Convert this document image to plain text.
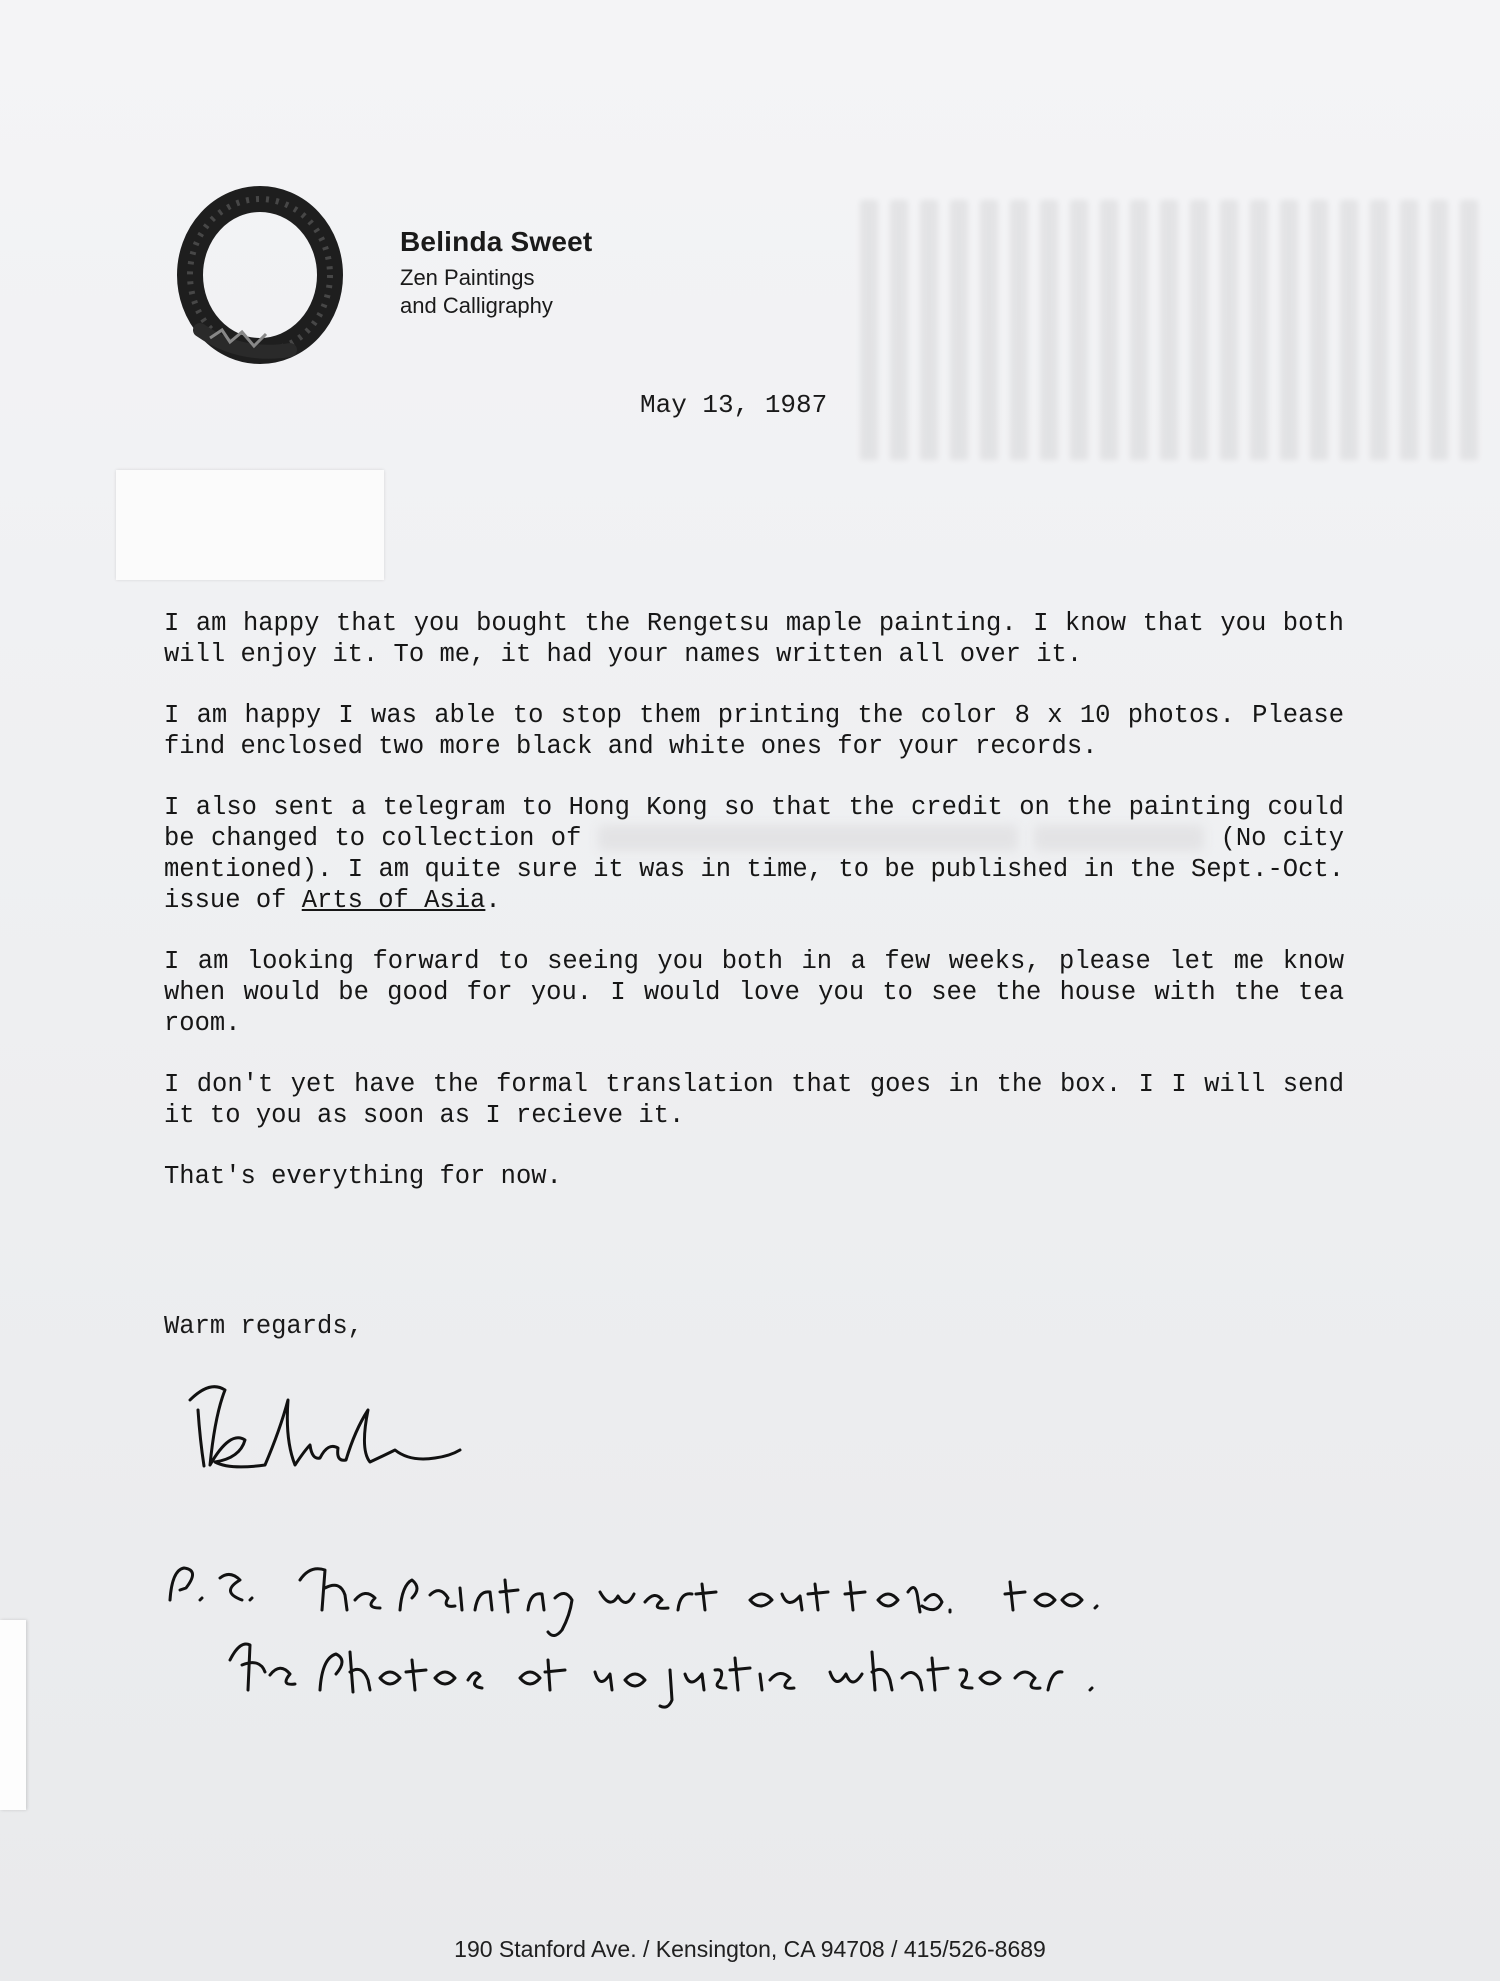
Belinda Sweet

Zen Paintings

and Calligraphy

May 13, 1987

I am happy that you bought the Rengetsu maple painting. I know that you both will enjoy it. To me, it had your names written all over it.

I am happy I was able to stop them printing the color 8 x 10 photos. Please find enclosed two more black and white ones for your records.

I also sent a telegram to Hong Kong so that the credit on the painting could be changed to collection of	(No city mentioned). I am quite sure it was in time, to be published in the Sept.-Oct. issue of Arts of Asia.

I am looking forward to seeing you both in a few weeks, please let me know when would be good for you. I would love you to see the house with the tea room.

I don't yet have the formal translation that goes in the box. I I will send it to you as soon as I recieve it.

That's everything for now.

Warm regards,
190 Stanford Ave. / Kensington, CA 94708 / 415/526-8689
